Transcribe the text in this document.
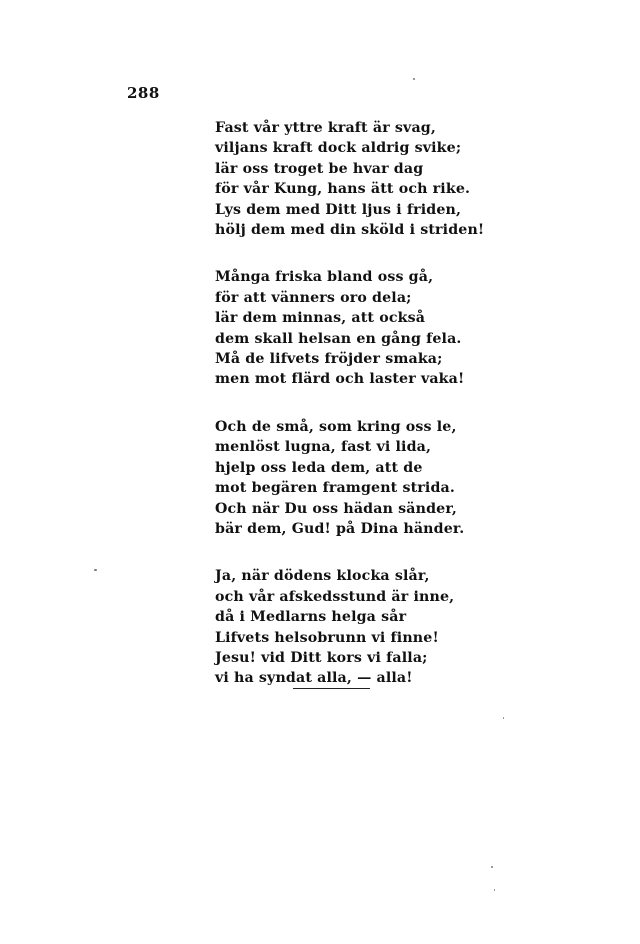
288
Fast vår yttre kraft är svag,
viljans kraft dock aldrig svike;
lär oss troget be hvar dag
för vår Kung, hans ätt och rike.
Lys dem med Ditt ljus i friden,
hölj dem med din sköld i striden!
Många friska bland oss gå,
för att vänners oro dela;
lär dem minnas, att också
dem skall helsan en gång fela.
Må de lifvets fröjder smaka;
men mot flärd och laster vaka!
Och de små, som kring oss le,
menlöst lugna, fast vi lida,
hjelp oss leda dem, att de
mot begären framgent strida.
Och när Du oss hädan sänder,
bär dem, Gud! på Dina händer.
Ja, när dödens klocka slår,
och vår afskedsstund är inne,
då i Medlarns helga sår
Lifvets helsobrunn vi finne!
Jesu! vid Ditt kors vi falla;
vi ha syndat alla, — alla!
